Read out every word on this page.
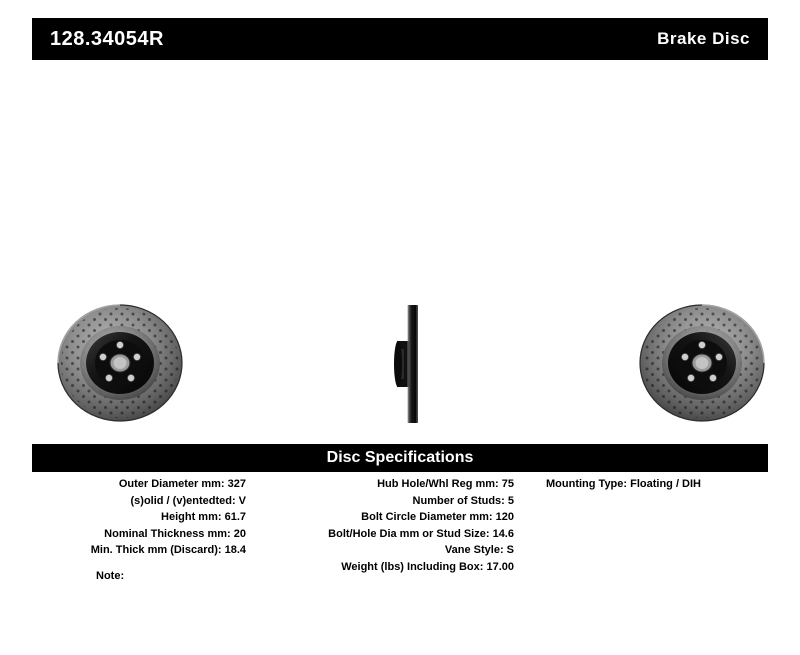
128.34054R	Brake Disc
Disc Specifications
Outer Diameter mm: 327
(s)olid / (v)entedted: V
Height mm: 61.7
Nominal Thickness mm: 20
Min. Thick mm (Discard): 18.4
Hub Hole/Whl Reg mm: 75
Number of Studs: 5
Bolt Circle Diameter mm: 120
Bolt/Hole Dia mm or Stud Size: 14.6
Vane Style: S
Weight (lbs) Including Box: 17.00
Mounting Type: Floating / DIH
Note:
